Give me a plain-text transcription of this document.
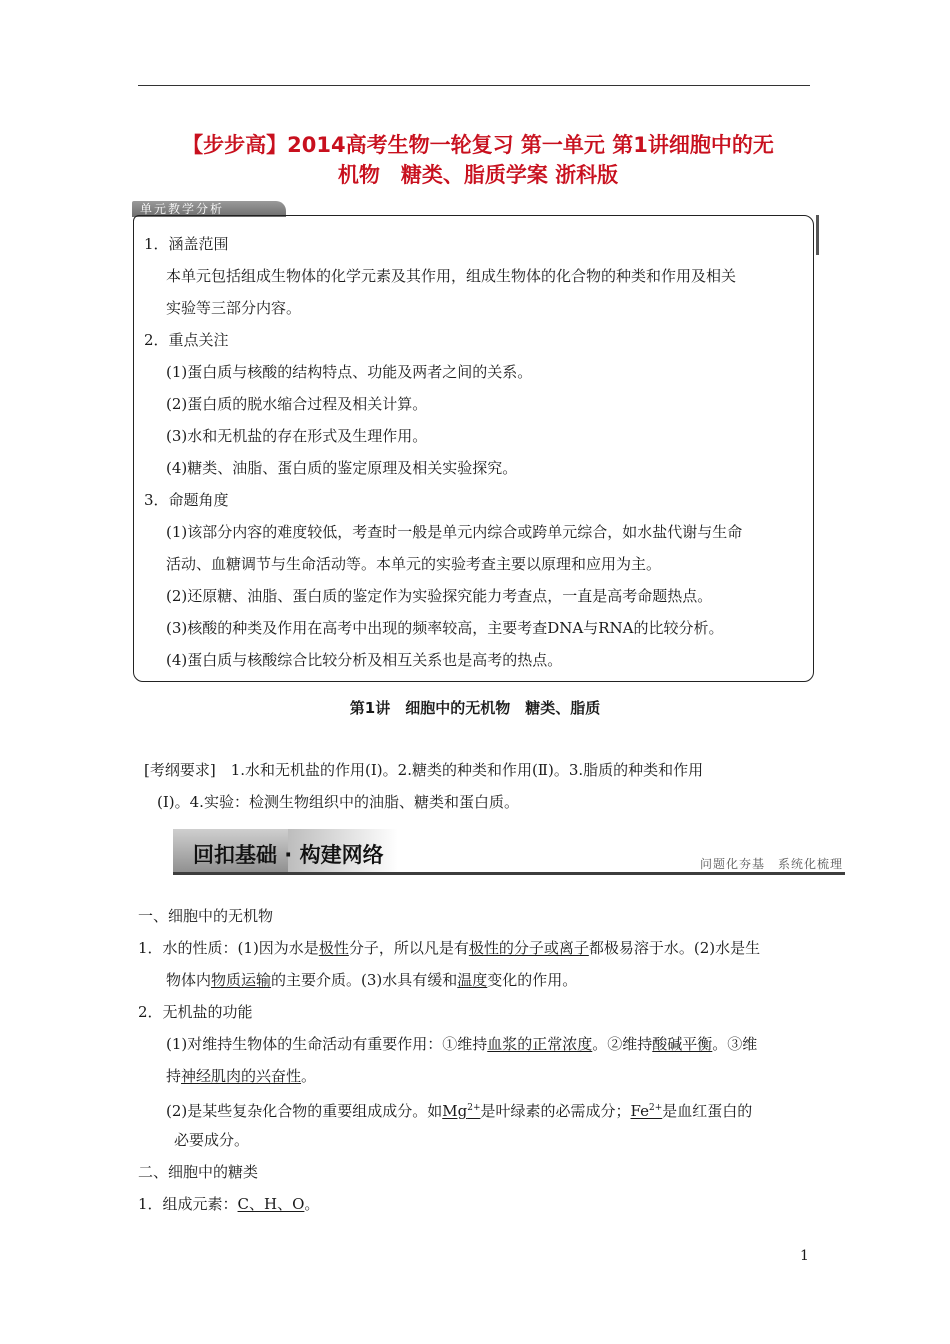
【步步高】2014高考生物一轮复习 第一单元 第1讲细胞中的无
机物　糖类、脂质学案 浙科版
单元教学分析
1．涵盖范围
本单元包括组成生物体的化学元素及其作用，组成生物体的化合物的种类和作用及相关
实验等三部分内容。
2．重点关注
(1)蛋白质与核酸的结构特点、功能及两者之间的关系。
(2)蛋白质的脱水缩合过程及相关计算。
(3)水和无机盐的存在形式及生理作用。
(4)糖类、油脂、蛋白质的鉴定原理及相关实验探究。
3．命题角度
(1)该部分内容的难度较低，考查时一般是单元内综合或跨单元综合，如水盐代谢与生命
活动、血糖调节与生命活动等。本单元的实验考查主要以原理和应用为主。
(2)还原糖、油脂、蛋白质的鉴定作为实验探究能力考查点，一直是高考命题热点。
(3)核酸的种类及作用在高考中出现的频率较高，主要考查DNA与RNA的比较分析。
(4)蛋白质与核酸综合比较分析及相互关系也是高考的热点。
第1讲　细胞中的无机物　糖类、脂质
[考纲要求]　1.水和无机盐的作用(Ⅰ)。2.糖类的种类和作用(Ⅱ)。3.脂质的种类和作用
(Ⅰ)。4.实验：检测生物组织中的油脂、糖类和蛋白质。
回扣基础 · 构建网络	问题化夯基　系统化梳理
一、细胞中的无机物
1．水的性质：(1)因为水是极性分子，所以凡是有极性的分子或离子都极易溶于水。(2)水是生
物体内物质运输的主要介质。(3)水具有缓和温度变化的作用。
2．无机盐的功能
(1)对维持生物体的生命活动有重要作用：①维持血浆的正常浓度。②维持酸碱平衡。③维
持神经肌肉的兴奋性。
(2)是某些复杂化合物的重要组成成分。如$Mg^{2+}$是叶绿素的必需成分；$Fe^{2+}$是血红蛋白的
必要成分。
二、细胞中的糖类
1．组成元素：C、H、O。
1
